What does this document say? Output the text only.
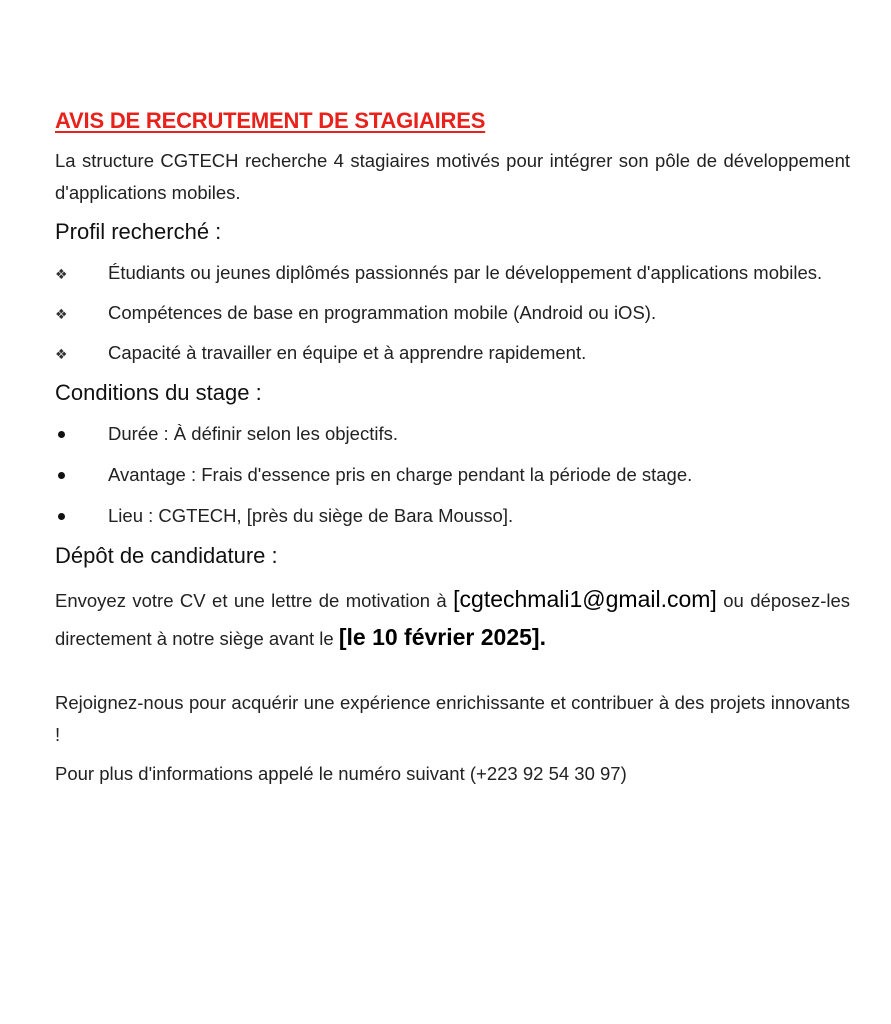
AVIS DE RECRUTEMENT DE STAGIAIRES

La structure CGTECH recherche 4 stagiaires motivés pour intégrer son pôle de développement d'applications mobiles.

Profil recherché :

❖ Étudiants ou jeunes diplômés passionnés par le développement d'applications mobiles.

❖ Compétences de base en programmation mobile (Android ou iOS).

❖ Capacité à travailler en équipe et à apprendre rapidement.

Conditions du stage :
Durée : À définir selon les objectifs.
Avantage : Frais d'essence pris en charge pendant la période de stage.
Lieu : CGTECH, [près du siège de Bara Mousso].
Dépôt de candidature :

Envoyez votre CV et une lettre de motivation à [cgtechmali1@gmail.com] ou déposez-les directement à notre siège avant le [le 10 février 2025].

Rejoignez-nous pour acquérir une expérience enrichissante et contribuer à des projets innovants !

Pour plus d'informations appelé le numéro suivant (+223 92 54 30 97)
